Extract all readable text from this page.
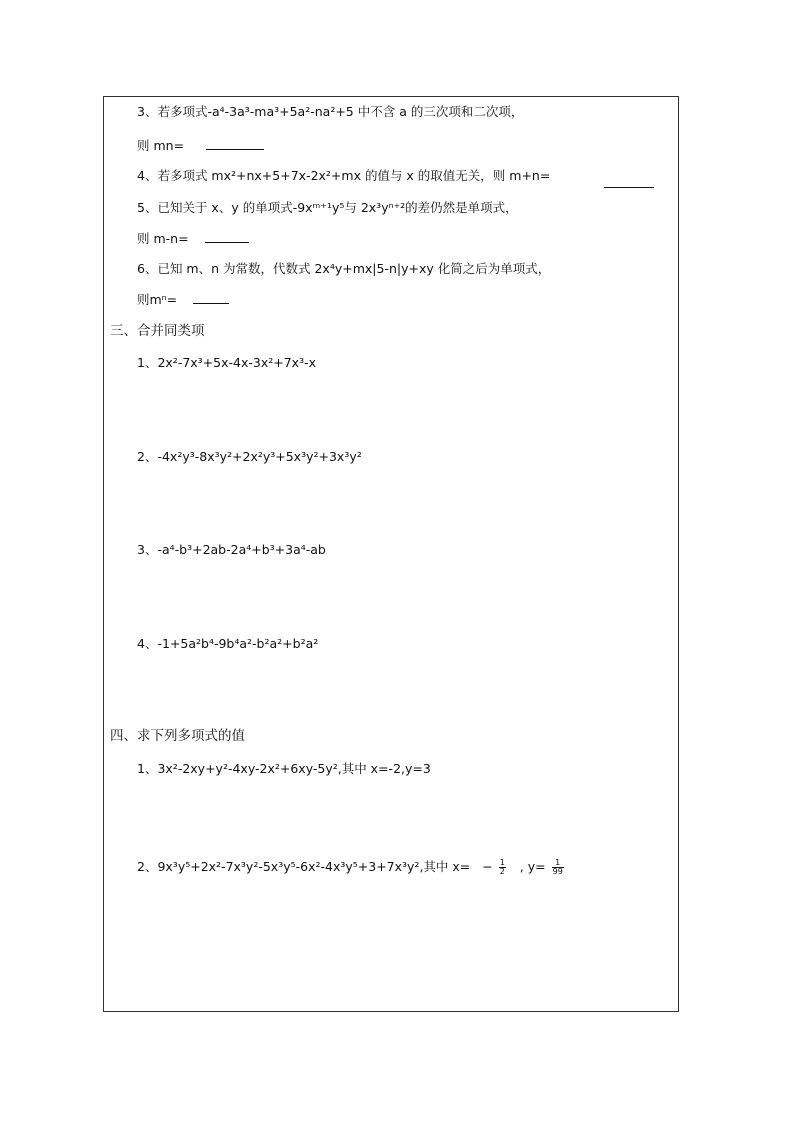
3、若多项式-a⁴-3a³-ma³+5a²-na²+5 中不含 a 的三次项和二次项，
则 mn=
4、若多项式 mx²+nx+5+7x-2x²+mx 的值与 x 的取值无关，则 m+n=
5、已知关于 x、y 的单项式-9xᵐ⁺¹y⁵与 2x³yⁿ⁺²的差仍然是单项式，
则 m-n=
6、已知 m、n 为常数，代数式 2x⁴y+mx|5-n|y+xy 化简之后为单项式，
则mⁿ=
三、合并同类项
1、2x²-7x³+5x-4x-3x²+7x³-x
2、-4x²y³-8x³y²+2x²y³+5x³y²+3x³y²
3、-a⁴-b³+2ab-2a⁴+b³+3a⁴-ab
4、-1+5a²b⁴-9b⁴a²-b²a²+b²a²
四、求下列多项式的值
1、3x²-2xy+y²-4xy-2x²+6xy-5y²,其中 x=-2,y=3
2、9x³y⁵+2x²-7x³y²-5x³y⁵-6x²-4x³y⁵+3+7x³y²,其中 $x= - \frac{1}{2}$ , $y= \frac{1}{99}$
